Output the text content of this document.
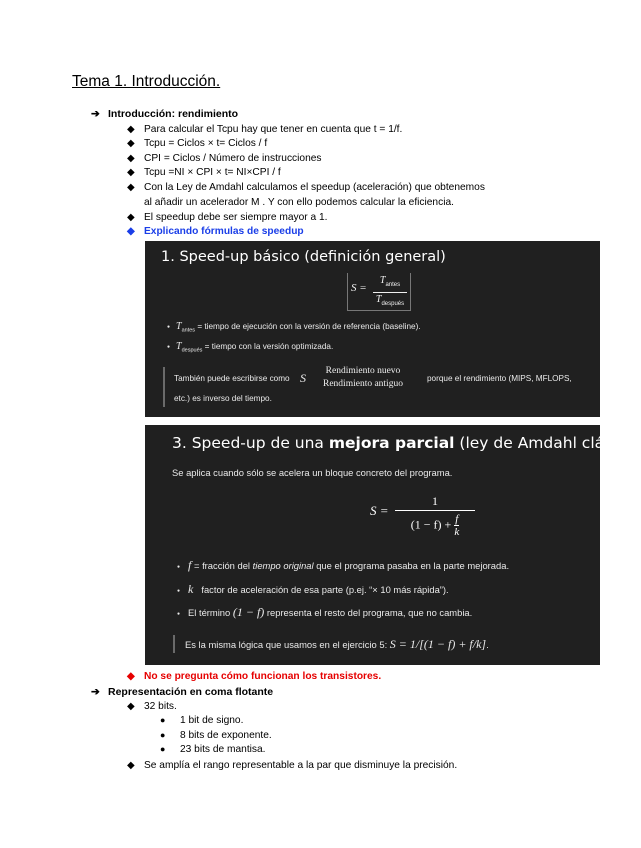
Tema 1. Introducción.
➔ Introducción: rendimiento
◆ Para calcular el Tcpu hay que tener en cuenta que t = 1/f.
◆ Tcpu = Ciclos × t= Ciclos / f
◆ CPI = Ciclos / Número de instrucciones
◆ Tcpu =NI × CPI × t= NI×CPI / f
◆ Con la Ley de Amdahl calculamos el speedup (aceleración) que obtenemos
al añadir un acelerador M . Y con ello podemos calcular la eficiencia.
◆ El speedup debe ser siempre mayor a 1.
◆ Explicando fórmulas de speedup
1. Speed-up básico (definición general)
S =
$T_{antes}$
$T_{después}$
● $T_{antes}$ = tiempo de ejecución con la versión de referencia (baseline).
● $T_{después}$ = tiempo con la versión optimizada.
También puede escribirse como S Rendimiento nuevo
Rendimiento antiguo
porque el rendimiento (MIPS, MFLOPS,
etc.) es inverso del tiempo.
3. Speed-up de una mejora parcial (ley de Amdahl clásica)
Se aplica cuando sólo se acelera un bloque concreto del programa.
S =
1
$(1 - f) + \frac{f}{k}$
● f = fracción del tiempo original que el programa pasaba en la parte mejorada.
● k factor de aceleración de esa parte (p.ej. “× 10 más rápida”).
● El término (1 − f) representa el resto del programa, que no cambia.
Es la misma lógica que usamos en el ejercicio 5: S = 1/[(1 − f) + f/k].
◆ No se pregunta cómo funcionan los transistores.
➔ Representación en coma flotante
◆ 32 bits.
● 1 bit de signo.
● 8 bits de exponente.
● 23 bits de mantisa.
◆ Se amplía el rango representable a la par que disminuye la precisión.
